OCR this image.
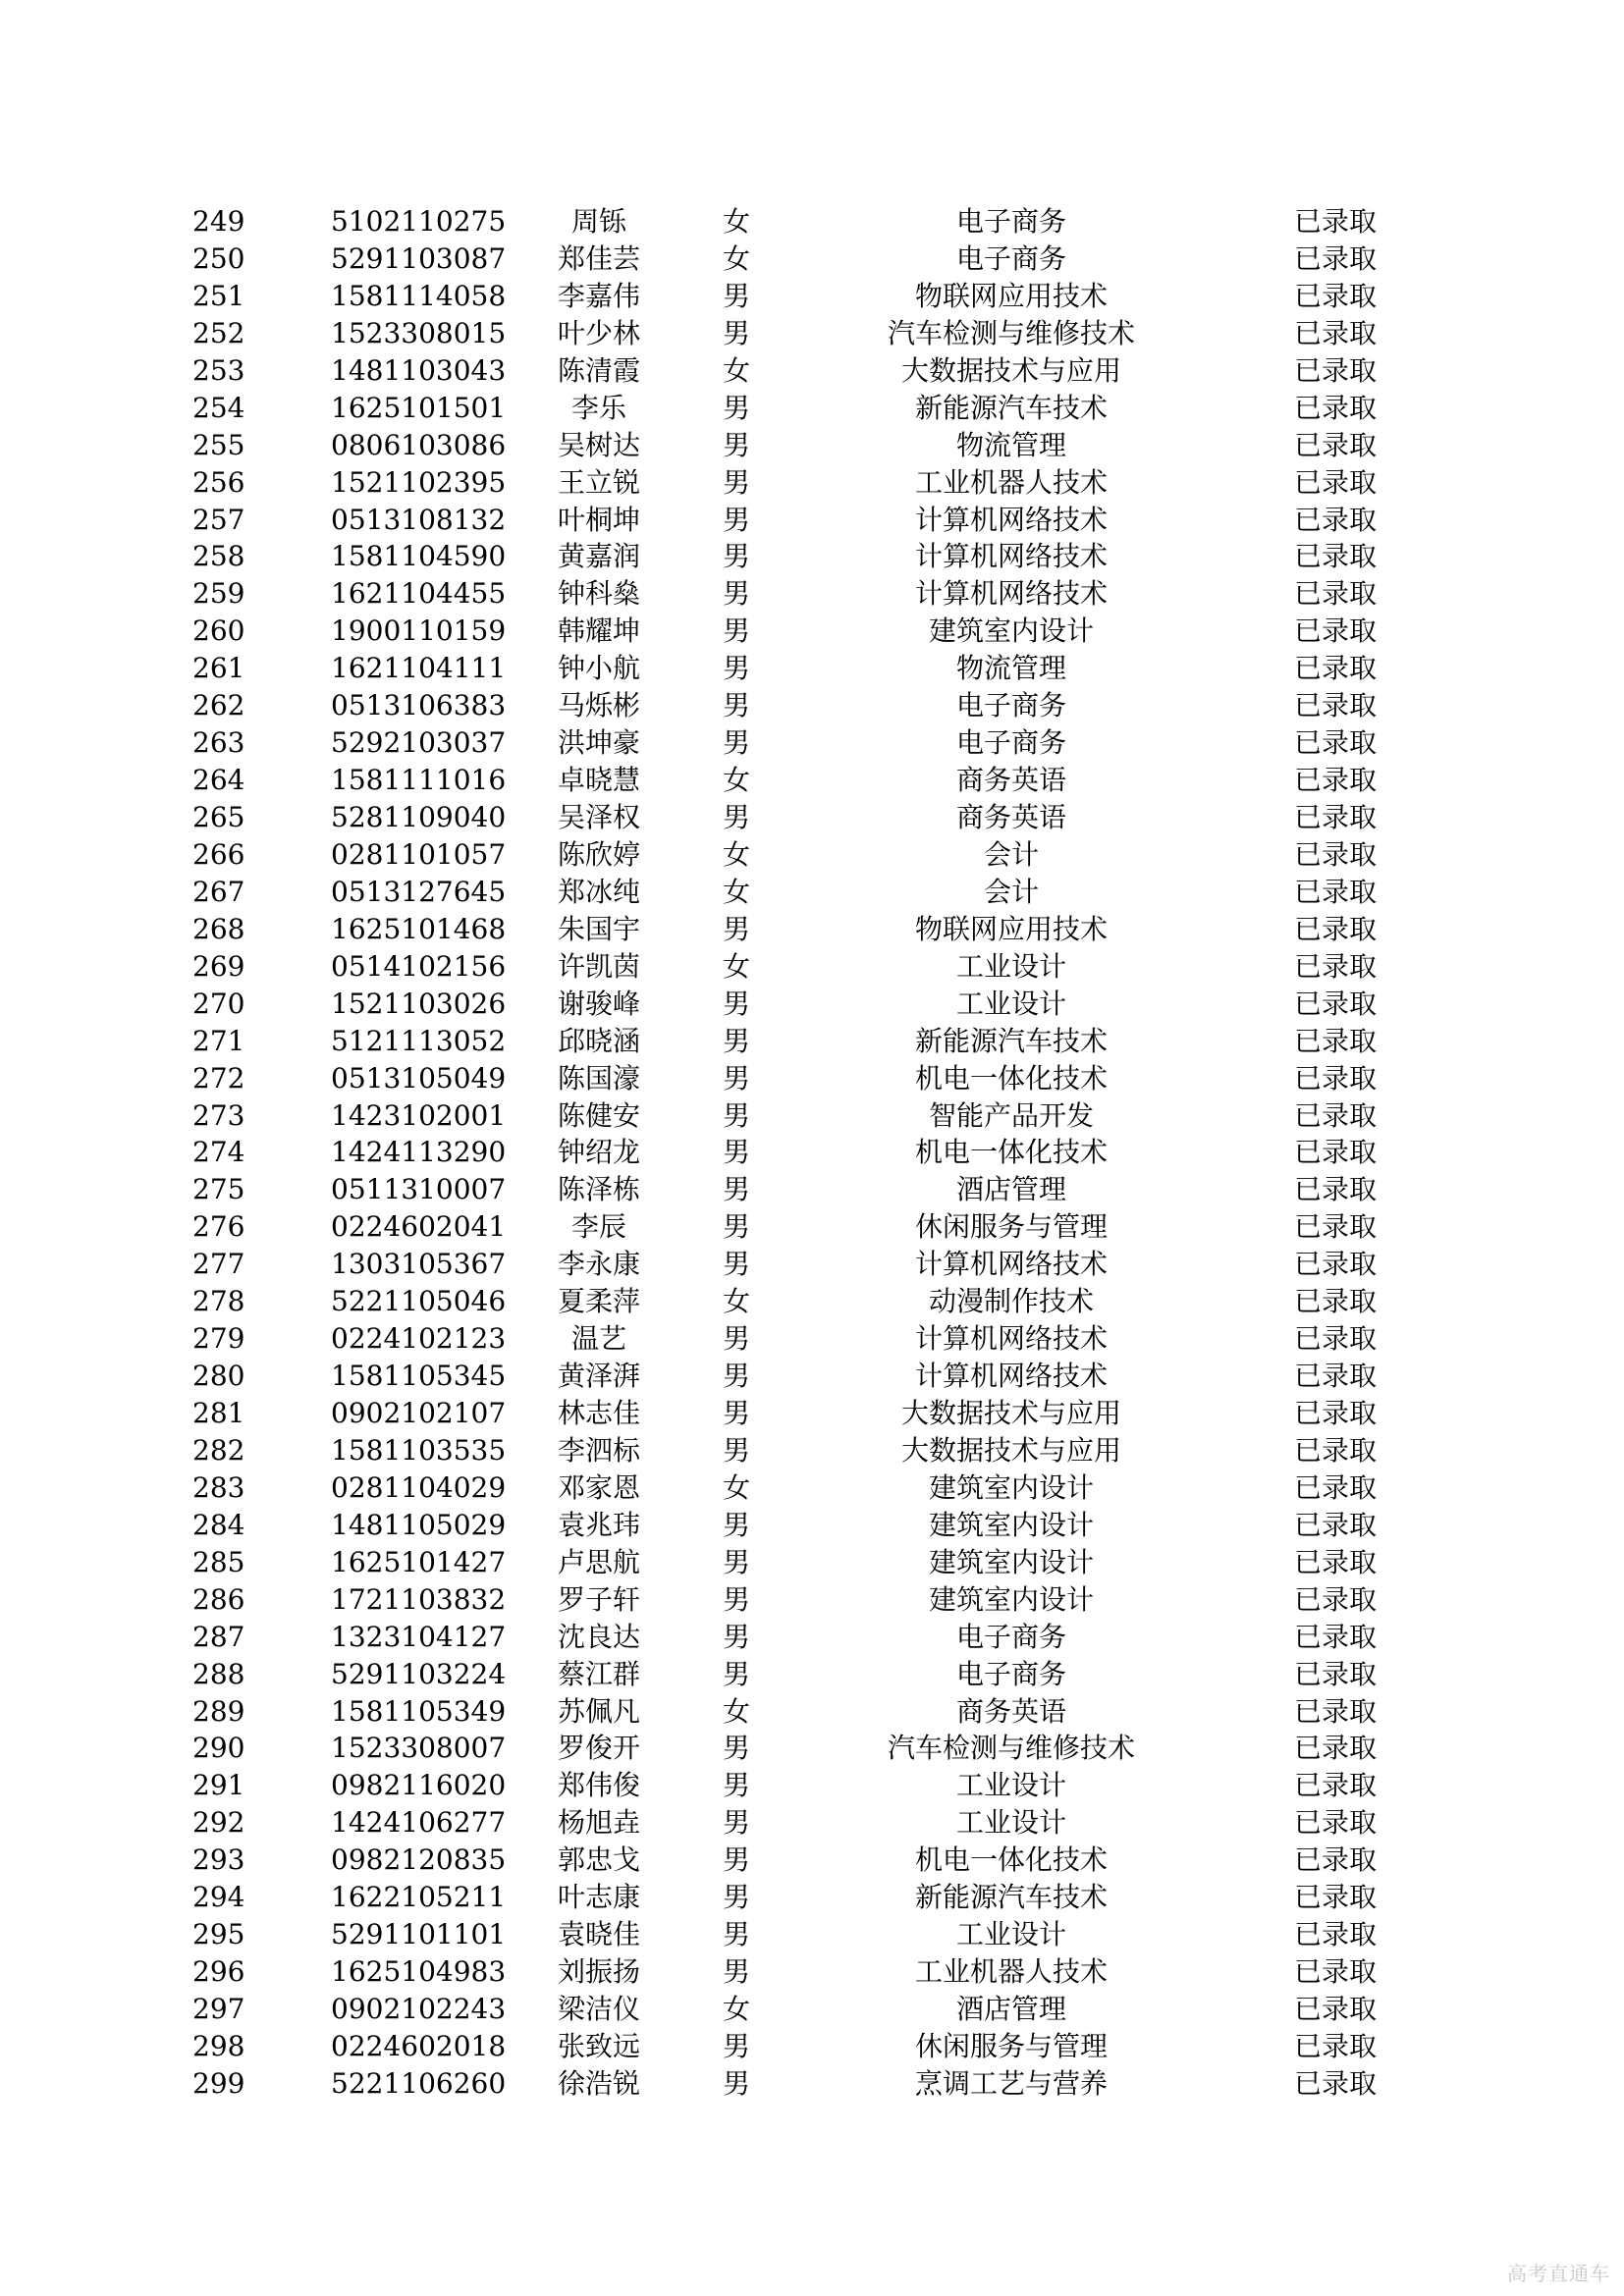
249	5102110275	周铄	女	电子商务	已录取
250	5291103087	郑佳芸	女	电子商务	已录取
251	1581114058	李嘉伟	男	物联网应用技术	已录取
252	1523308015	叶少林	男	汽车检测与维修技术	已录取
253	1481103043	陈清霞	女	大数据技术与应用	已录取
254	1625101501	李乐	男	新能源汽车技术	已录取
255	0806103086	吴树达	男	物流管理	已录取
256	1521102395	王立锐	男	工业机器人技术	已录取
257	0513108132	叶桐坤	男	计算机网络技术	已录取
258	1581104590	黄嘉润	男	计算机网络技术	已录取
259	1621104455	钟科燊	男	计算机网络技术	已录取
260	1900110159	韩耀坤	男	建筑室内设计	已录取
261	1621104111	钟小航	男	物流管理	已录取
262	0513106383	马烁彬	男	电子商务	已录取
263	5292103037	洪坤豪	男	电子商务	已录取
264	1581111016	卓晓慧	女	商务英语	已录取
265	5281109040	吴泽权	男	商务英语	已录取
266	0281101057	陈欣婷	女	会计	已录取
267	0513127645	郑冰纯	女	会计	已录取
268	1625101468	朱国宇	男	物联网应用技术	已录取
269	0514102156	许凯茵	女	工业设计	已录取
270	1521103026	谢骏峰	男	工业设计	已录取
271	5121113052	邱晓涵	男	新能源汽车技术	已录取
272	0513105049	陈国濠	男	机电一体化技术	已录取
273	1423102001	陈健安	男	智能产品开发	已录取
274	1424113290	钟绍龙	男	机电一体化技术	已录取
275	0511310007	陈泽栋	男	酒店管理	已录取
276	0224602041	李辰	男	休闲服务与管理	已录取
277	1303105367	李永康	男	计算机网络技术	已录取
278	5221105046	夏柔萍	女	动漫制作技术	已录取
279	0224102123	温艺	男	计算机网络技术	已录取
280	1581105345	黄泽湃	男	计算机网络技术	已录取
281	0902102107	林志佳	男	大数据技术与应用	已录取
282	1581103535	李泗标	男	大数据技术与应用	已录取
283	0281104029	邓家恩	女	建筑室内设计	已录取
284	1481105029	袁兆玮	男	建筑室内设计	已录取
285	1625101427	卢思航	男	建筑室内设计	已录取
286	1721103832	罗子轩	男	建筑室内设计	已录取
287	1323104127	沈良达	男	电子商务	已录取
288	5291103224	蔡江群	男	电子商务	已录取
289	1581105349	苏佩凡	女	商务英语	已录取
290	1523308007	罗俊开	男	汽车检测与维修技术	已录取
291	0982116020	郑伟俊	男	工业设计	已录取
292	1424106277	杨旭垚	男	工业设计	已录取
293	0982120835	郭忠戈	男	机电一体化技术	已录取
294	1622105211	叶志康	男	新能源汽车技术	已录取
295	5291101101	袁晓佳	男	工业设计	已录取
296	1625104983	刘振扬	男	工业机器人技术	已录取
297	0902102243	梁洁仪	女	酒店管理	已录取
298	0224602018	张致远	男	休闲服务与管理	已录取
299	5221106260	徐浩锐	男	烹调工艺与营养	已录取
高考直通车
